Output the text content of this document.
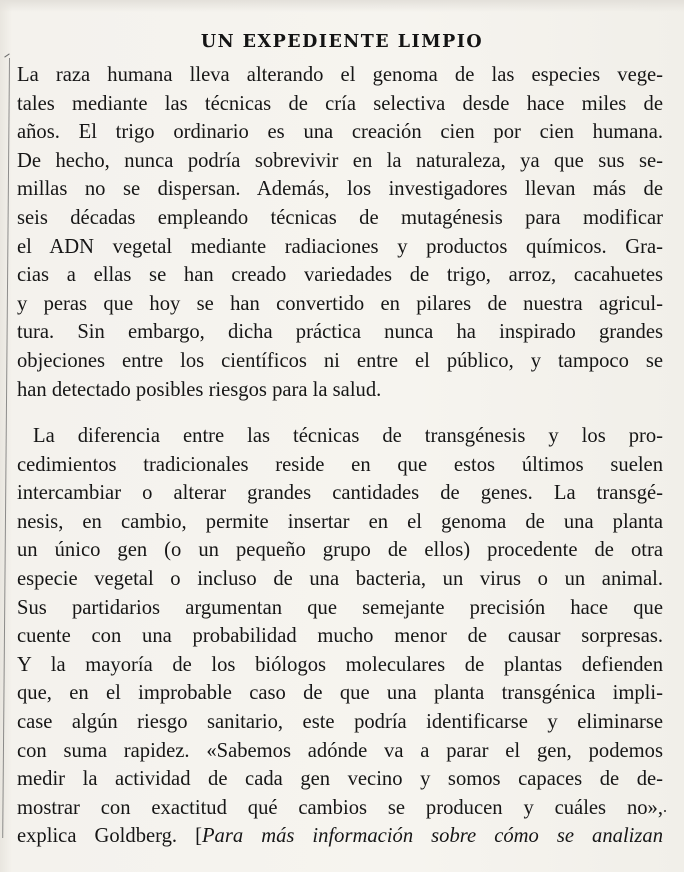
UN EXPEDIENTE LIMPIO
La raza humana lleva alterando el genoma de las especies vege-
tales mediante las técnicas de cría selectiva desde hace miles de
años. El trigo ordinario es una creación cien por cien humana.
De hecho, nunca podría sobrevivir en la naturaleza, ya que sus se-
millas no se dispersan. Además, los investigadores llevan más de
seis décadas empleando técnicas de mutagénesis para modificar
el ADN vegetal mediante radiaciones y productos químicos. Gra-
cias a ellas se han creado variedades de trigo, arroz, cacahuetes
y peras que hoy se han convertido en pilares de nuestra agricul-
tura. Sin embargo, dicha práctica nunca ha inspirado grandes
objeciones entre los científicos ni entre el público, y tampoco se
han detectado posibles riesgos para la salud.
La diferencia entre las técnicas de transgénesis y los pro-
cedimientos tradicionales reside en que estos últimos suelen
intercambiar o alterar grandes cantidades de genes. La transgé-
nesis, en cambio, permite insertar en el genoma de una planta
un único gen (o un pequeño grupo de ellos) procedente de otra
especie vegetal o incluso de una bacteria, un virus o un animal.
Sus partidarios argumentan que semejante precisión hace que
cuente con una probabilidad mucho menor de causar sorpresas.
Y la mayoría de los biólogos moleculares de plantas defienden
que, en el improbable caso de que una planta transgénica impli-
case algún riesgo sanitario, este podría identificarse y eliminarse
con suma rapidez. «Sabemos adónde va a parar el gen, podemos
medir la actividad de cada gen vecino y somos capaces de de-
mostrar con exactitud qué cambios se producen y cuáles no»,
explica Goldberg. [Para más información sobre cómo se analizan
